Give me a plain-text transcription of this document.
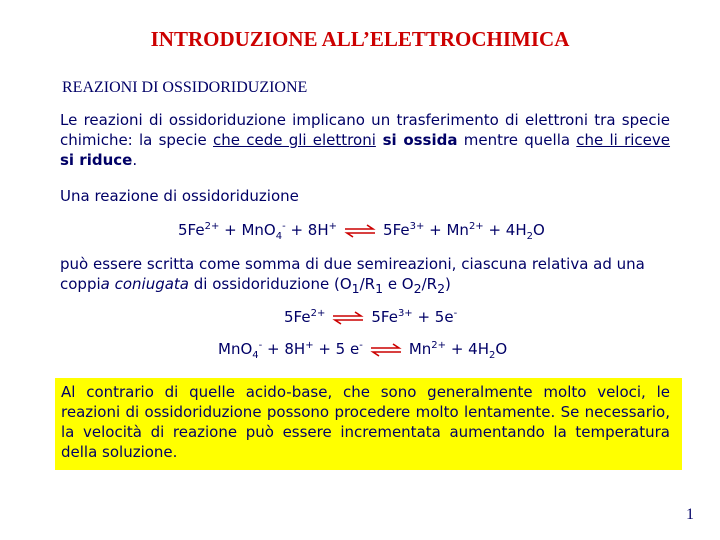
INTRODUZIONE ALL’ELETTROCHIMICA
REAZIONI DI OSSIDORIDUZIONE
Le reazioni di ossidoriduzione implicano un trasferimento di elettroni tra specie chimiche: la specie che cede gli elettroni si ossida mentre quella che li riceve si riduce.
Una reazione di ossidoriduzione
$5Fe^{2+} + MnO_4^- + 8H^+$ ⇌ $5Fe^{3+} + Mn^{2+} + 4H_2O$
può essere scritta come somma di due semireazioni, ciascuna relativa ad una coppia coniugata di ossidoriduzione ($O_1/R_1$ e $O_2/R_2$)
$5Fe^{2+}$ ⇌ $5Fe^{3+} + 5e^-$
MnO$_4$- + 8H+ + 5 e- ⇌ $Mn^{2+} + 4H_2O$
Al contrario di quelle acido-base, che sono generalmente molto veloci, le reazioni di ossidoriduzione possono procedere molto lentamente. Se necessario, la velocità di reazione può essere incrementata aumentando la temperatura della soluzione.
1
